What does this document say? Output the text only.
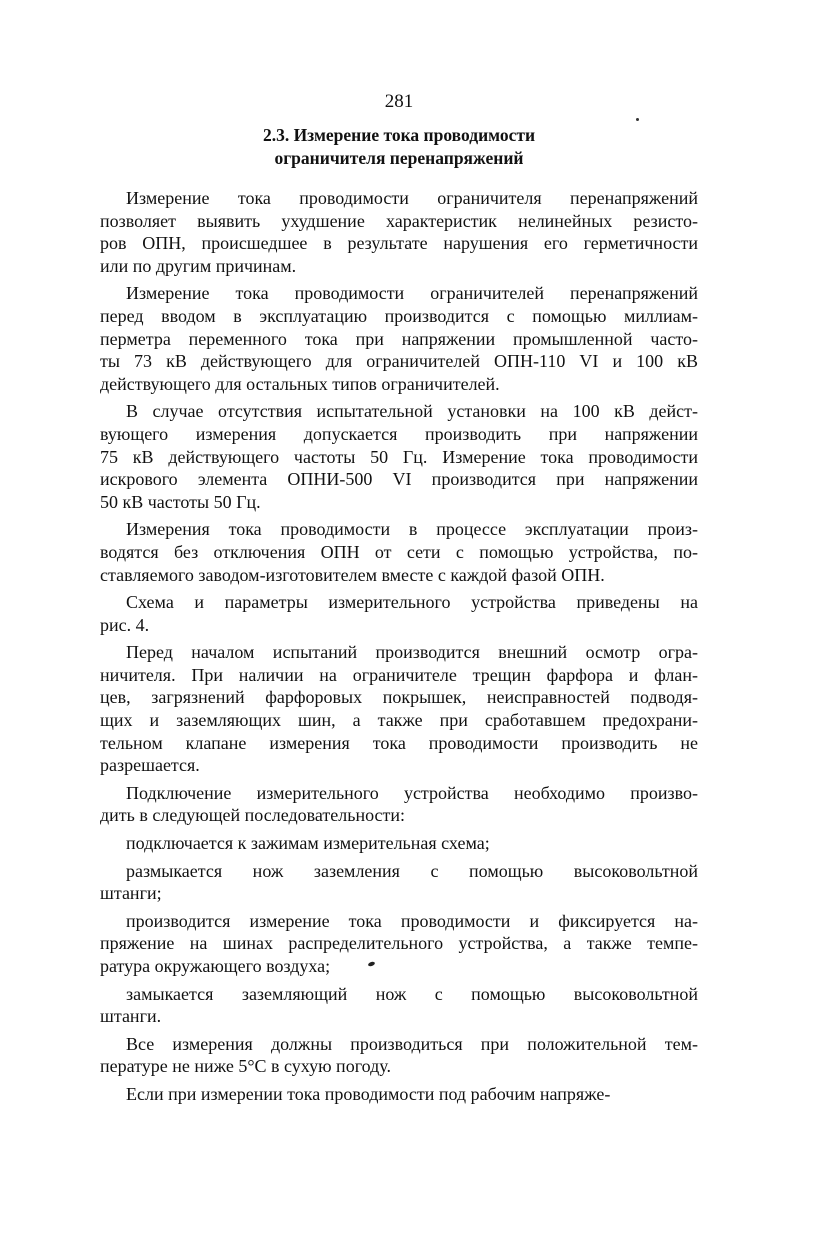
281
2.3. Измерение тока проводимости
ограничителя перенапряжений
Измерение тока проводимости ограничителя перенапряжений
позволяет выявить ухудшение характеристик нелинейных резисто-
ров ОПН, происшедшее в результате нарушения его герметичности
или по другим причинам.
Измерение тока проводимости ограничителей перенапряжений
перед вводом в эксплуатацию производится с помощью миллиам-
перметра переменного тока при напряжении промышленной часто-
ты 73 кВ действующего для ограничителей ОПН-110 VI и 100 кВ
действующего для остальных типов ограничителей.
В случае отсутствия испытательной установки на 100 кВ дейст-
вующего измерения допускается производить при напряжении
75 кВ действующего частоты 50 Гц. Измерение тока проводимости
искрового элемента ОПНИ-500 VI производится при напряжении
50 кВ частоты 50 Гц.
Измерения тока проводимости в процессе эксплуатации произ-
водятся без отключения ОПН от сети с помощью устройства, по-
ставляемого заводом-изготовителем вместе с каждой фазой ОПН.
Схема и параметры измерительного устройства приведены на
рис. 4.
Перед началом испытаний производится внешний осмотр огра-
ничителя. При наличии на ограничителе трещин фарфора и флан-
цев, загрязнений фарфоровых покрышек, неисправностей подводя-
щих и заземляющих шин, а также при сработавшем предохрани-
тельном клапане измерения тока проводимости производить не
разрешается.
Подключение измерительного устройства необходимо произво-
дить в следующей последовательности:
подключается к зажимам измерительная схема;
размыкается нож заземления с помощью высоковольтной
штанги;
производится измерение тока проводимости и фиксируется на-
пряжение на шинах распределительного устройства, а также темпе-
ратура окружающего воздуха;
замыкается заземляющий нож с помощью высоковольтной
штанги.
Все измерения должны производиться при положительной тем-
пературе не ниже 5°С в сухую погоду.
Если при измерении тока проводимости под рабочим напряже-
